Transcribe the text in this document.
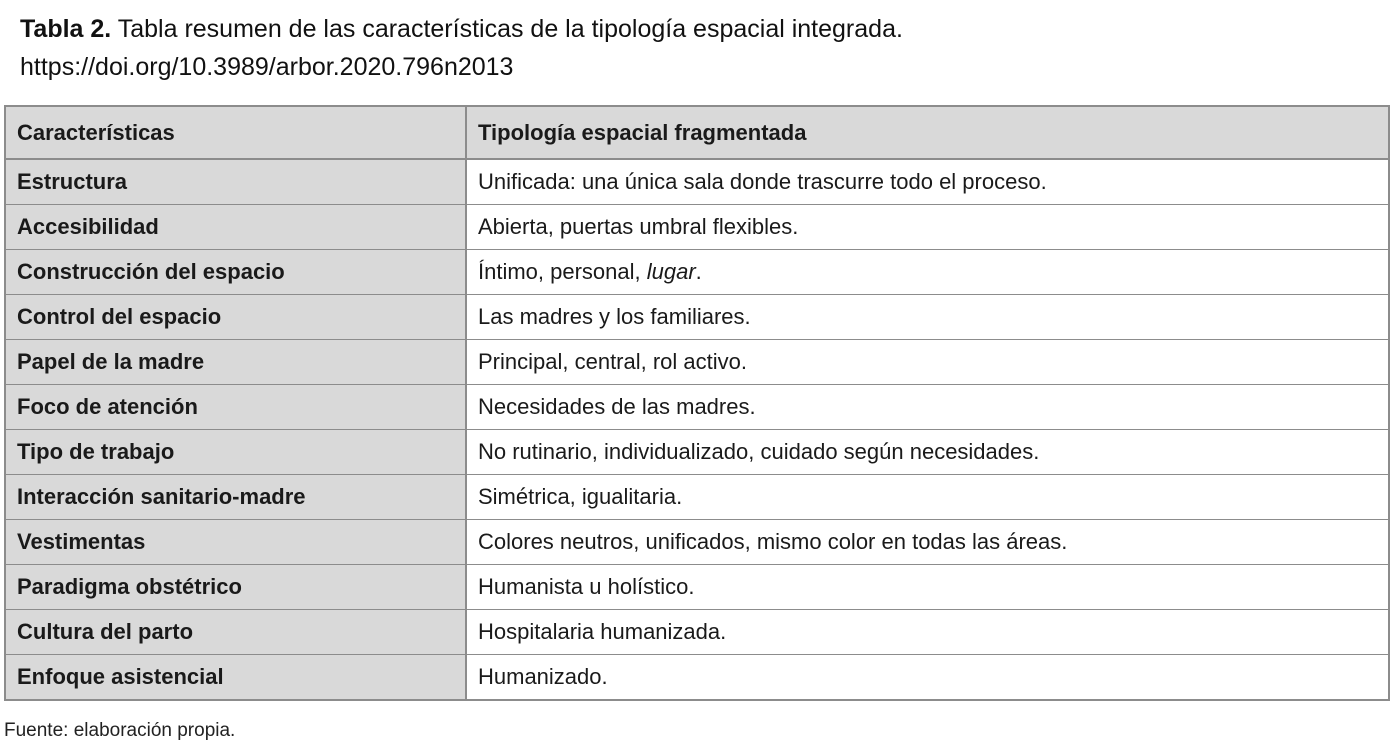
Tabla 2. Tabla resumen de las características de la tipología espacial integrada.
https://doi.org/10.3989/arbor.2020.796n2013
Características	Tipología espacial fragmentada
Estructura	Unificada: una única sala donde trascurre todo el proceso.
Accesibilidad	Abierta, puertas umbral flexibles.
Construcción del espacio	Íntimo, personal, lugar.
Control del espacio	Las madres y los familiares.
Papel de la madre	Principal, central, rol activo.
Foco de atención	Necesidades de las madres.
Tipo de trabajo	No rutinario, individualizado, cuidado según necesidades.
Interacción sanitario-madre	Simétrica, igualitaria.
Vestimentas	Colores neutros, unificados, mismo color en todas las áreas.
Paradigma obstétrico	Humanista u holístico.
Cultura del parto	Hospitalaria humanizada.
Enfoque asistencial	Humanizado.
Fuente: elaboración propia.
